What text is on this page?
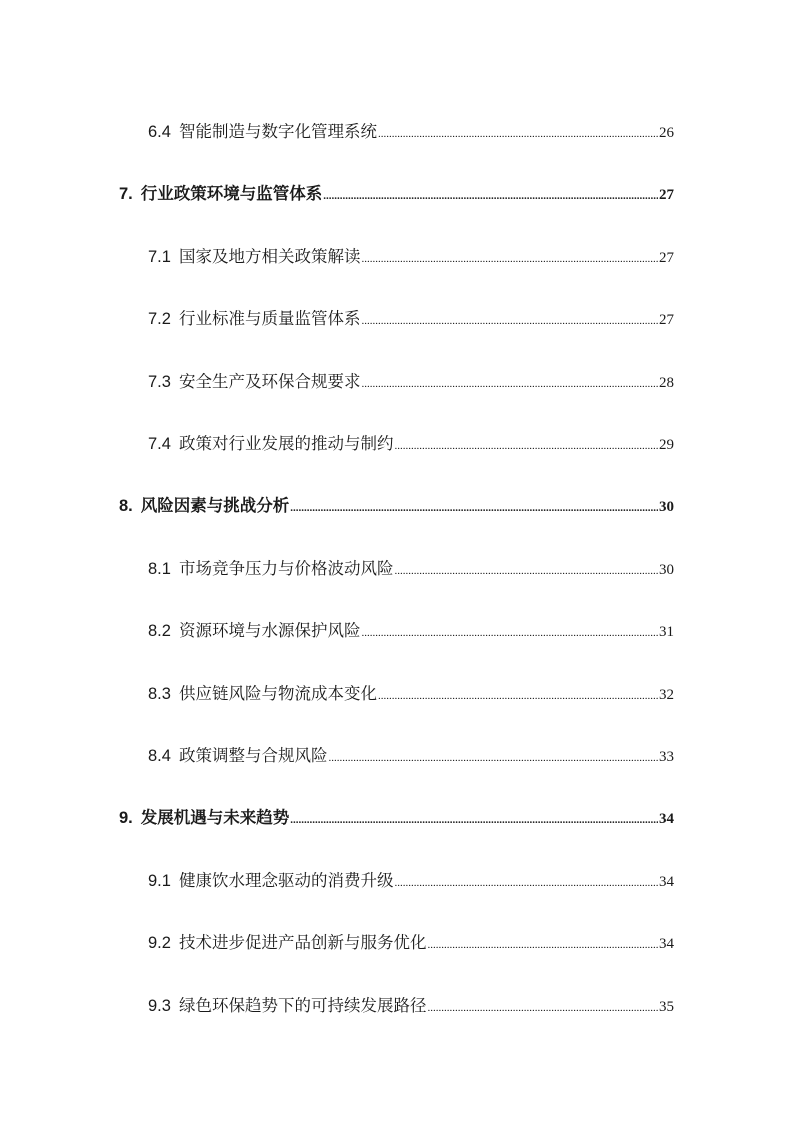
6.4 智能制造与数字化管理系统 .....	26
7. 行业政策环境与监管体系 .....	27
7.1 国家及地方相关政策解读 .....	27
7.2 行业标准与质量监管体系 .....	27
7.3 安全生产及环保合规要求 .....	28
7.4 政策对行业发展的推动与制约 .....	29
8. 风险因素与挑战分析 .....	30
8.1 市场竞争压力与价格波动风险 .....	30
8.2 资源环境与水源保护风险 .....	31
8.3 供应链风险与物流成本变化 .....	32
8.4 政策调整与合规风险 .....	33
9. 发展机遇与未来趋势 .....	34
9.1 健康饮水理念驱动的消费升级 .....	34
9.2 技术进步促进产品创新与服务优化 .....	34
9.3 绿色环保趋势下的可持续发展路径 .....	35
